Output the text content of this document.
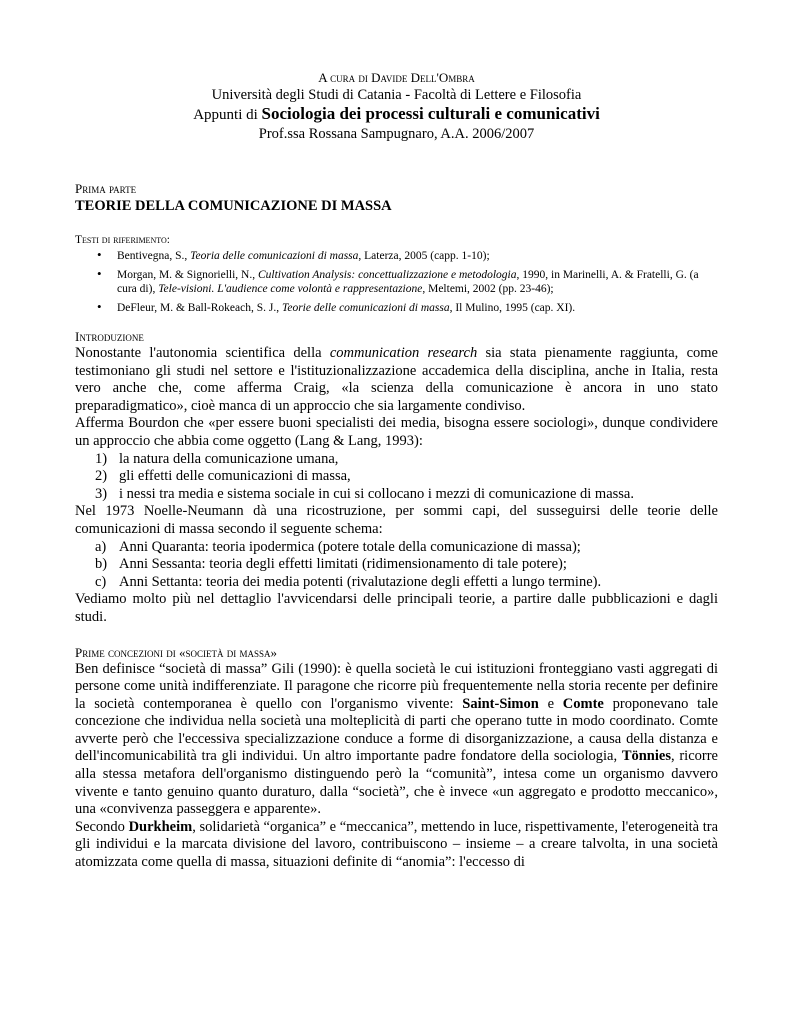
A cura di Davide Dell'Ombra
Università degli Studi di Catania - Facoltà di Lettere e Filosofia
Appunti di Sociologia dei processi culturali e comunicativi
Prof.ssa Rossana Sampugnaro, A.A. 2006/2007
Prima parte
TEORIE DELLA COMUNICAZIONE DI MASSA
Testi di riferimento:
• Bentivegna, S., Teoria delle comunicazioni di massa, Laterza, 2005 (capp. 1-10);
• Morgan, M. & Signorielli, N., Cultivation Analysis: concettualizzazione e metodologia, 1990, in Marinelli, A. & Fratelli, G. (a cura di), Tele-visioni. L'audience come volontà e rappresentazione, Meltemi, 2002 (pp. 23-46);
• DeFleur, M. & Ball-Rokeach, S. J., Teorie delle comunicazioni di massa, Il Mulino, 1995 (cap. XI).
Introduzione

Nonostante l'autonomia scientifica della communication research sia stata pienamente raggiunta, come testimoniano gli studi nel settore e l'istituzionalizzazione accademica della disciplina, anche in Italia, resta vero anche che, come afferma Craig, «la scienza della comunicazione è ancora in uno stato preparadigmatico», cioè manca di un approccio che sia largamente condiviso.

Afferma Bourdon che «per essere buoni specialisti dei media, bisogna essere sociologi», dunque condividere un approccio che abbia come oggetto (Lang & Lang, 1993):

1) la natura della comunicazione umana,
2) gli effetti delle comunicazioni di massa,
3) i nessi tra media e sistema sociale in cui si collocano i mezzi di comunicazione di massa.

Nel 1973 Noelle-Neumann dà una ricostruzione, per sommi capi, del susseguirsi delle teorie delle comunicazioni di massa secondo il seguente schema:

a) Anni Quaranta: teoria ipodermica (potere totale della comunicazione di massa);
b) Anni Sessanta: teoria degli effetti limitati (ridimensionamento di tale potere);
c) Anni Settanta: teoria dei media potenti (rivalutazione degli effetti a lungo termine).

Vediamo molto più nel dettaglio l'avvicendarsi delle principali teorie, a partire dalle pubblicazioni e dagli studi.

Prime concezioni di «società di massa»

Ben definisce “società di massa” Gili (1990): è quella società le cui istituzioni fronteggiano vasti aggregati di persone come unità indifferenziate. Il paragone che ricorre più frequentemente nella storia recente per definire la società contemporanea è quello con l'organismo vivente: Saint-Simon e Comte proponevano tale concezione che individua nella società una molteplicità di parti che operano tutte in modo coordinato. Comte avverte però che l'eccessiva specializzazione conduce a forme di disorganizzazione, a causa della distanza e dell'incomunicabilità tra gli individui. Un altro importante padre fondatore della sociologia, Tönnies, ricorre alla stessa metafora dell'organismo distinguendo però la “comunità”, intesa come un organismo davvero vivente e tanto genuino quanto duraturo, dalla “società”, che è invece «un aggregato e prodotto meccanico», una «convivenza passeggera e apparente».

Secondo Durkheim, solidarietà “organica” e “meccanica”, mettendo in luce, rispettivamente, l'eterogeneità tra gli individui e la marcata divisione del lavoro, contribuiscono – insieme – a creare talvolta, in una società atomizzata come quella di massa, situazioni definite di “anomia”: l'eccesso di
